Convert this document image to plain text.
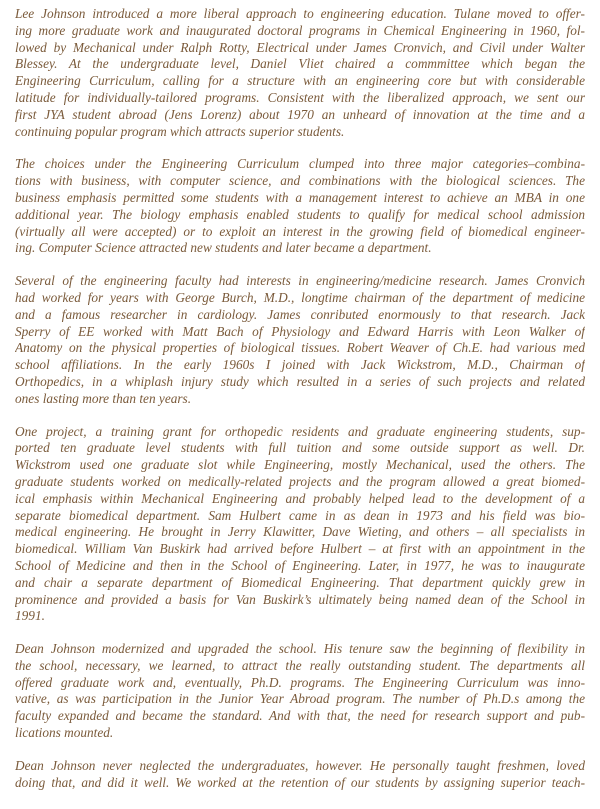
Lee Johnson introduced a more liberal approach to engineering education. Tulane moved to offer-
ing more graduate work and inaugurated doctoral programs in Chemical Engineering in 1960, fol-
lowed by Mechanical under Ralph Rotty, Electrical under James Cronvich, and Civil under Walter
Blessey. At the undergraduate level, Daniel Vliet chaired a commmittee which began the
Engineering Curriculum, calling for a structure with an engineering core but with considerable
latitude for individually-tailored programs. Consistent with the liberalized approach, we sent our
first JYA student abroad (Jens Lorenz) about 1970 an unheard of innovation at the time and a
continuing popular program which attracts superior students.
The choices under the Engineering Curriculum clumped into three major categories–combina-
tions with business, with computer science, and combinations with the biological sciences. The
business emphasis permitted some students with a management interest to achieve an MBA in one
additional year. The biology emphasis enabled students to qualify for medical school admission
(virtually all were accepted) or to exploit an interest in the growing field of biomedical engineer-
ing. Computer Science attracted new students and later became a department.
Several of the engineering faculty had interests in engineering/medicine research. James Cronvich
had worked for years with George Burch, M.D., longtime chairman of the department of medicine
and a famous researcher in cardiology. James conributed enormously to that research. Jack
Sperry of EE worked with Matt Bach of Physiology and Edward Harris with Leon Walker of
Anatomy on the physical properties of biological tissues. Robert Weaver of Ch.E. had various med
school affiliations. In the early 1960s I joined with Jack Wickstrom, M.D., Chairman of
Orthopedics, in a whiplash injury study which resulted in a series of such projects and related
ones lasting more than ten years.
One project, a training grant for orthopedic residents and graduate engineering students, sup-
ported ten graduate level students with full tuition and some outside support as well. Dr.
Wickstrom used one graduate slot while Engineering, mostly Mechanical, used the others. The
graduate students worked on medically-related projects and the program allowed a great biomed-
ical emphasis within Mechanical Engineering and probably helped lead to the development of a
separate biomedical department. Sam Hulbert came in as dean in 1973 and his field was bio-
medical engineering. He brought in Jerry Klawitter, Dave Wieting, and others – all specialists in
biomedical. William Van Buskirk had arrived before Hulbert – at first with an appointment in the
School of Medicine and then in the School of Engineering. Later, in 1977, he was to inaugurate
and chair a separate department of Biomedical Engineering. That department quickly grew in
prominence and provided a basis for Van Buskirk’s ultimately being named dean of the School in
1991.
Dean Johnson modernized and upgraded the school. His tenure saw the beginning of flexibility in
the school, necessary, we learned, to attract the really outstanding student. The departments all
offered graduate work and, eventually, Ph.D. programs. The Engineering Curriculum was inno-
vative, as was participation in the Junior Year Abroad program. The number of Ph.D.s among the
faculty expanded and became the standard. And with that, the need for research support and pub-
lications mounted.
Dean Johnson never neglected the undergraduates, however. He personally taught freshmen, loved
doing that, and did it well. We worked at the retention of our students by assigning superior teach-
